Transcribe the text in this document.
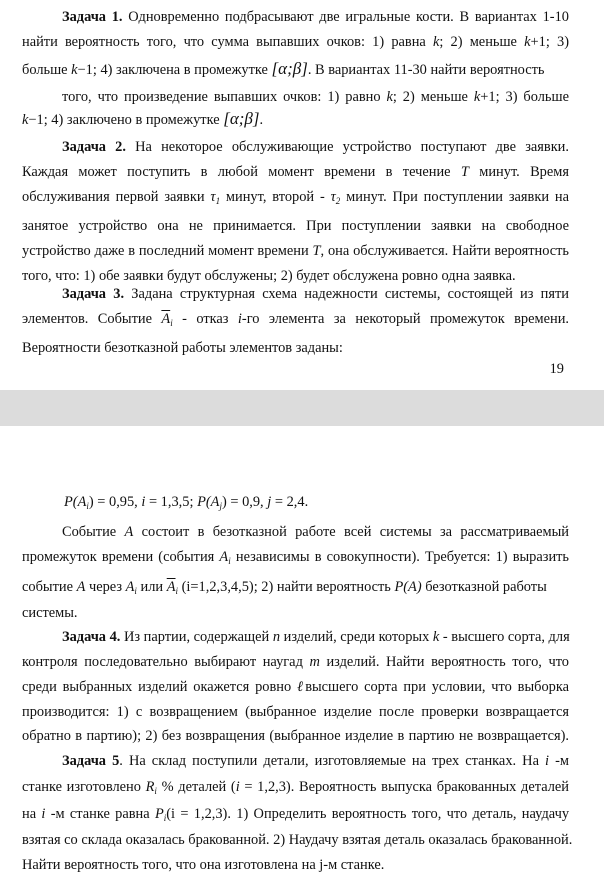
Задача 1. Одновременно подбрасывают две игральные кости. В вариантах 1-10
найти вероятность того, что сумма выпавших очков: 1) равна k; 2) меньше k+1; 3)
больше k−1; 4) заключена в промежутке [α;β]. В вариантах 11-30 найти вероятность
того, что произведение выпавших очков: 1) равно k; 2) меньше k+1; 3) больше
k−1; 4) заключено в промежутке [α;β].

Задача 2. На некоторое обслуживающие устройство поступают две заявки. Каждая может поступить в любой момент времени в течение T минут. Время обслуживания первой заявки $\tau_1$ минут, второй - $\tau_2$ минут. При поступлении заявки на занятое устройство она не принимается. При поступлении заявки на свободное устройство даже в последний момент времени T, она обслуживается. Найти вероятность того, что: 1) обе заявки будут обслужены; 2) будет обслужена ровно одна заявка.

Задача 3. Задана структурная схема надежности системы, состоящей из пяти элементов. Событие $\overline{A}_i$ - отказ i-го элемента за некоторый промежуток времени. Вероятности безотказной работы элементов заданы:

19
$P(A_i) = 0,95$, i = 1,3,5; $P(A_j) = 0,9$, j = 2,4.
Событие A состоит в безотказной работе всей системы за рассматриваемый
промежуток времени (события $A_i$ независимы в совокупности). Требуется: 1) выразить
событие A через $A_i$ или $\overline{A}_i$ (i=1,2,3,4,5); 2) найти вероятность P(A) безотказной работы
системы.
Задача 4. Из партии, содержащей n изделий, среди которых k - высшего сорта, для
контроля последовательно выбирают наугад m изделий. Найти вероятность того, что
среди выбранных изделий окажется ровно ℓвысшего сорта при условии, что выборка
производится: 1) с возвращением (выбранное изделие после проверки возвращается
обратно в партию); 2) без возвращения (выбранное изделие в партию не возвращается).
Задача 5. На склад поступили детали, изготовляемые на трех станках. На i -м
станке изготовлено $R_i$ % деталей (i = 1,2,3). Вероятность выпуска бракованных деталей
на i -м станке равна $P_i(i = 1,2,3)$. 1) Определить вероятность того, что деталь, наудачу
взятая со склада оказалась бракованной. 2) Наудачу взятая деталь оказалась бракованной.
Найти вероятность того, что она изготовлена на j-м станке.
